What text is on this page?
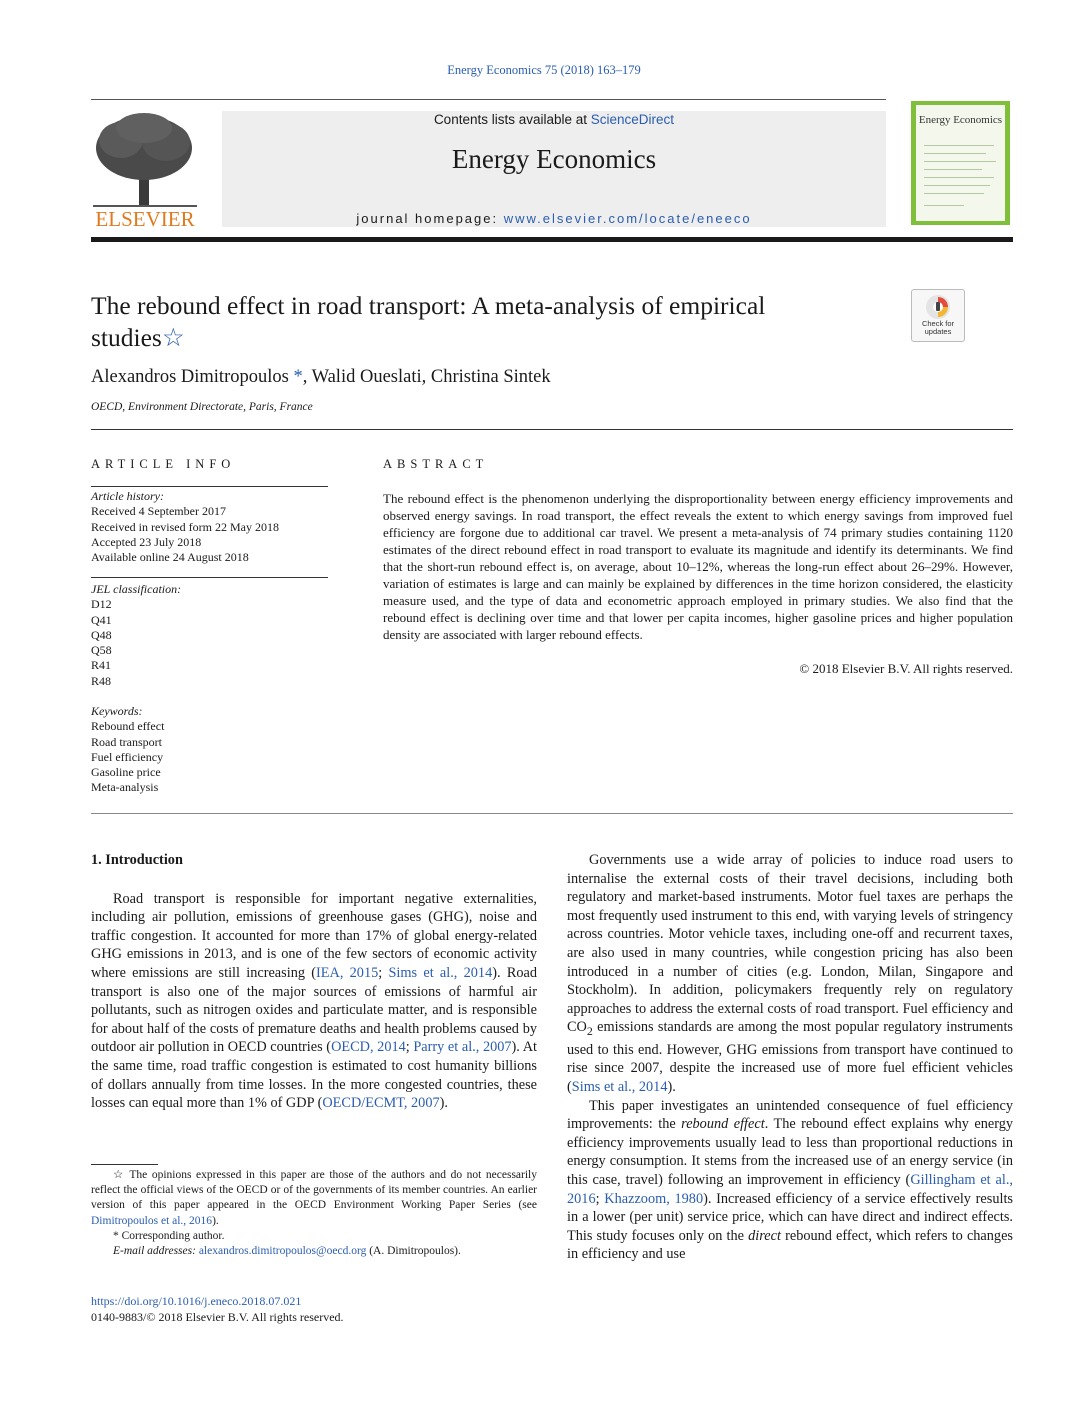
Energy Economics 75 (2018) 163–179
ELSEVIER
Contents lists available at ScienceDirect
Energy Economics
journal homepage: www.elsevier.com/locate/eneeco
Energy Economics
The rebound effect in road transport: A meta-analysis of empirical studies☆	Check for updates
Alexandros Dimitropoulos *, Walid Oueslati, Christina Sintek
OECD, Environment Directorate, Paris, France
ARTICLE INFO
Article history:
Received 4 September 2017
Received in revised form 22 May 2018
Accepted 23 July 2018
Available online 24 August 2018
JEL classification:
D12
Q41
Q48
Q58
R41
R48
Keywords:
Rebound effect
Road transport
Fuel efficiency
Gasoline price
Meta-analysis
ABSTRACT
The rebound effect is the phenomenon underlying the disproportionality between energy efficiency improvements and observed energy savings. In road transport, the effect reveals the extent to which energy savings from improved fuel efficiency are forgone due to additional car travel. We present a meta-analysis of 74 primary studies containing 1120 estimates of the direct rebound effect in road transport to evaluate its magnitude and identify its determinants. We find that the short-run rebound effect is, on average, about 10–12%, whereas the long-run effect about 26–29%. However, variation of estimates is large and can mainly be explained by differences in the time horizon considered, the elasticity measure used, and the type of data and econometric approach employed in primary studies. We also find that the rebound effect is declining over time and that lower per capita incomes, higher gasoline prices and higher population density are associated with larger rebound effects.
© 2018 Elsevier B.V. All rights reserved.
1. Introduction

Road transport is responsible for important negative externalities, including air pollution, emissions of greenhouse gases (GHG), noise and traffic congestion. It accounted for more than 17% of global energy-related GHG emissions in 2013, and is one of the few sectors of economic activity where emissions are still increasing (IEA, 2015; Sims et al., 2014). Road transport is also one of the major sources of emissions of harmful air pollutants, such as nitrogen oxides and particulate matter, and is responsible for about half of the costs of premature deaths and health problems caused by outdoor air pollution in OECD countries (OECD, 2014; Parry et al., 2007). At the same time, road traffic congestion is estimated to cost humanity billions of dollars annually from time losses. In the more congested countries, these losses can equal more than 1% of GDP (OECD/ECMT, 2007).

Governments use a wide array of policies to induce road users to internalise the external costs of their travel decisions, including both regulatory and market-based instruments. Motor fuel taxes are perhaps the most frequently used instrument to this end, with varying levels of stringency across countries. Motor vehicle taxes, including one-off and recurrent taxes, are also used in many countries, while congestion pricing has also been introduced in a number of cities (e.g. London, Milan, Singapore and Stockholm). In addition, policymakers frequently rely on regulatory approaches to address the external costs of road transport. Fuel efficiency and $CO_2$ emissions standards are among the most popular regulatory instruments used to this end. However, GHG emissions from transport have continued to rise since 2007, despite the increased use of more fuel efficient vehicles (Sims et al., 2014).

This paper investigates an unintended consequence of fuel efficiency improvements: the rebound effect. The rebound effect explains why energy efficiency improvements usually lead to less than proportional reductions in energy consumption. It stems from the increased use of an energy service (in this case, travel) following an improvement in efficiency (Gillingham et al., 2016; Khazzoom, 1980). Increased efficiency of a service effectively results in a lower (per unit) service price, which can have direct and indirect effects. This study focuses only on the direct rebound effect, which refers to changes in efficiency and use

☆ The opinions expressed in this paper are those of the authors and do not necessarily reflect the official views of the OECD or of the governments of its member countries. An earlier version of this paper appeared in the OECD Environment Working Paper Series (see Dimitropoulos et al., 2016).
* Corresponding author.
E-mail addresses: alexandros.dimitropoulos@oecd.org (A. Dimitropoulos).
https://doi.org/10.1016/j.eneco.2018.07.021
0140-9883/© 2018 Elsevier B.V. All rights reserved.
